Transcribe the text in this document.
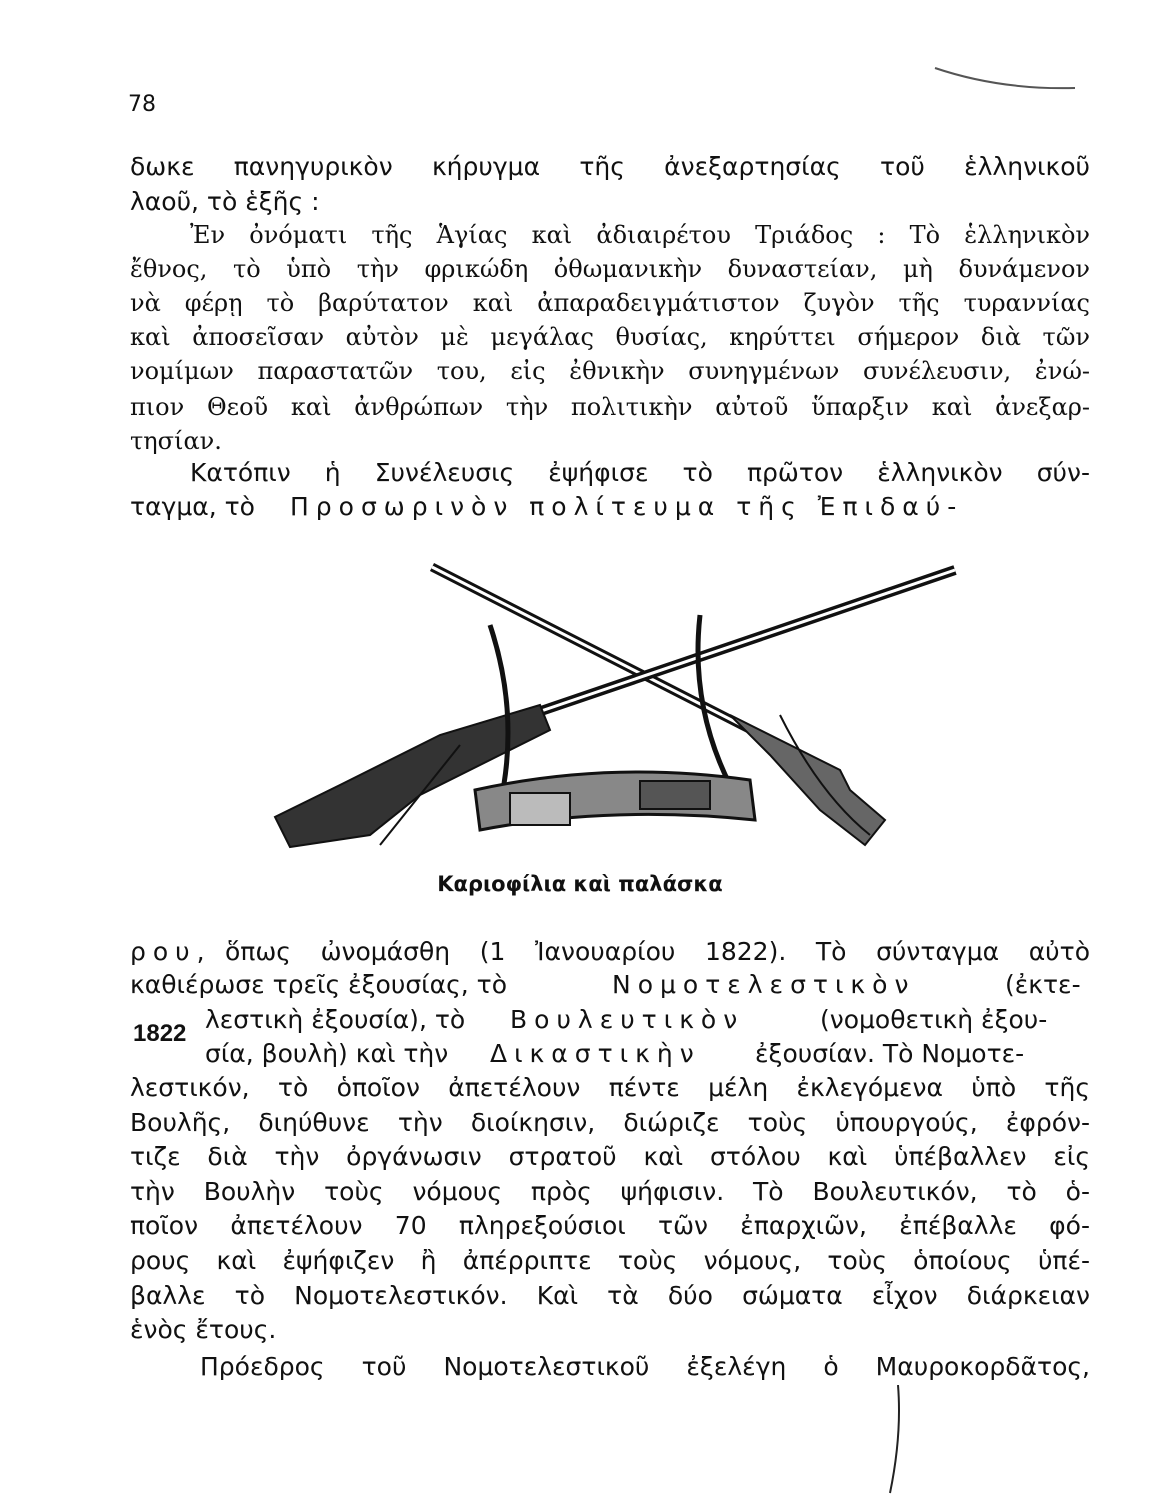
78
δωκε πανηγυρικὸν κήρυγμα τῆς ἀνεξαρτησίας τοῦ ἑλληνικοῦ
λαοῦ, τὸ ἑξῆς :
Ἐν ὀνόματι τῆς Ἁγίας καὶ ἀδιαιρέτου Τριάδος : Τὸ ἑλληνικὸν
ἔθνος, τὸ ὑπὸ τὴν φρικώδη ὀθωμανικὴν δυναστείαν, μὴ δυνάμενον
νὰ φέρῃ τὸ βαρύτατον καὶ ἀπαραδειγμάτιστον ζυγὸν τῆς τυραννίας
καὶ ἀποσεῖσαν αὐτὸν μὲ μεγάλας θυσίας, κηρύττει σήμερον διὰ τῶν
νομίμων παραστατῶν του, εἰς ἐθνικὴν συνηγμένων συνέλευσιν, ἐνώ-
πιον Θεοῦ καὶ ἀνθρώπων τὴν πολιτικὴν αὐτοῦ ὕπαρξιν καὶ ἀνεξαρ-
τησίαν.
Κατόπιν ἡ Συνέλευσις ἐψήφισε τὸ πρῶτον ἑλληνικὸν σύν-
ταγμα, τὸ	Προσωρινὸν πολίτευμα τῆς Ἐπιδαύ-
Καριοφίλια καὶ παλάσκα
ρου, ὅπως ὠνομάσθη (1 Ἰανουαρίου 1822). Τὸ σύνταγμα αὐτὸ
καθιέρωσε τρεῖς ἐξουσίας, τὸ	Νομοτελεστικὸν	(ἐκτε-
1822 λεστικὴ ἐξουσία), τὸ	Βουλευτικὸν	(νομοθετικὴ ἐξου-
σία, βουλὴ) καὶ τὴν	Δικαστικὴν	ἐξουσίαν. Τὸ Νομοτε-
λεστικόν, τὸ ὁποῖον ἀπετέλουν πέντε μέλη ἐκλεγόμενα ὑπὸ τῆς
Βουλῆς, διηύθυνε τὴν διοίκησιν, διώριζε τοὺς ὑπουργούς, ἐφρόν-
τιζε διὰ τὴν ὀργάνωσιν στρατοῦ καὶ στόλου καὶ ὑπέβαλλεν εἰς
τὴν Βουλὴν τοὺς νόμους πρὸς ψήφισιν. Τὸ Βουλευτικόν, τὸ ὁ-
ποῖον ἀπετέλουν 70 πληρεξούσιοι τῶν ἐπαρχιῶν, ἐπέβαλλε φό-
ρους καὶ ἐψήφιζεν ἢ ἀπέρριπτε τοὺς νόμους, τοὺς ὁποίους ὑπέ-
βαλλε τὸ Νομοτελεστικόν. Καὶ τὰ δύο σώματα εἶχον διάρκειαν
ἑνὸς ἔτους.
Πρόεδρος τοῦ Νομοτελεστικοῦ ἐξελέγη ὁ Μαυροκορδᾶτος,
